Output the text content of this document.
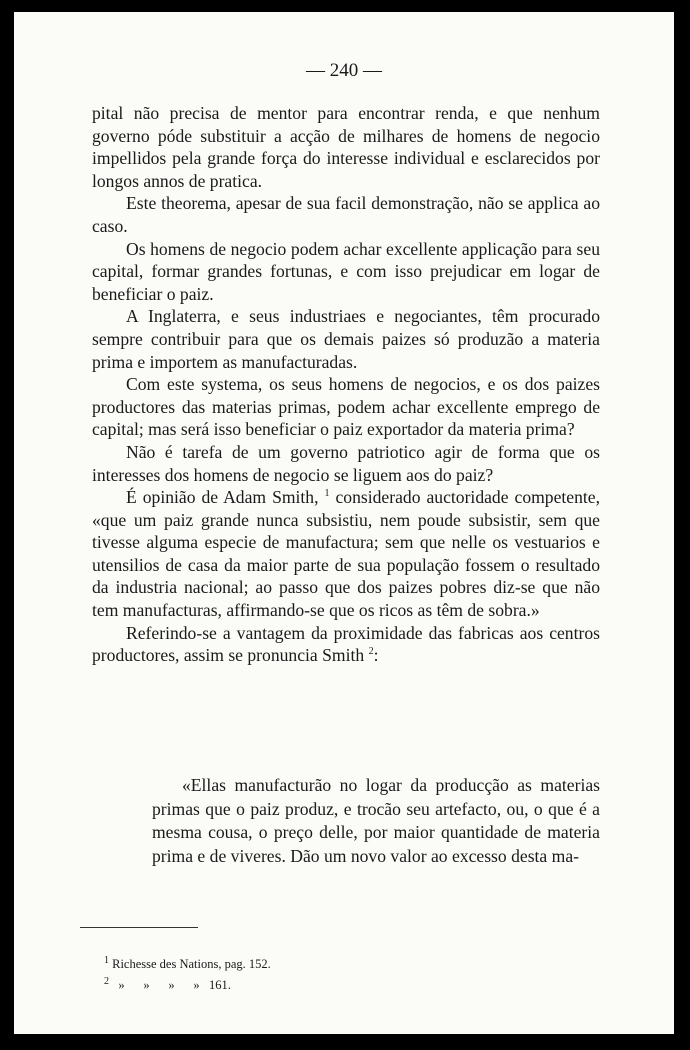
— 240 —

pital não precisa de mentor para encontrar renda, e que nenhum governo póde substituir a acção de milhares de homens de negocio impellidos pela grande força do interesse individual e esclarecidos por longos annos de pratica.

Este theorema, apesar de sua facil demonstração, não se applica ao caso.

Os homens de negocio podem achar excellente applicação para seu capital, formar grandes fortunas, e com isso prejudicar em logar de beneficiar o paiz.

A Inglaterra, e seus industriaes e negociantes, têm procurado sempre contribuir para que os demais paizes só produzão a materia prima e importem as manufacturadas.

Com este systema, os seus homens de negocios, e os dos paizes productores das materias primas, podem achar excellente emprego de capital; mas será isso beneficiar o paiz exportador da materia prima?

Não é tarefa de um governo patriotico agir de forma que os interesses dos homens de negocio se liguem aos do paiz?

É opinião de Adam Smith, $^1$ considerado auctoridade competente, «que um paiz grande nunca subsistiu, nem poude subsistir, sem que tivesse alguma especie de manufactura; sem que nelle os vestuarios e utensilios de casa da maior parte de sua população fossem o resultado da industria nacional; ao passo que dos paizes pobres diz-se que não tem manufacturas, affirmando-se que os ricos as têm de sobra.»

Referindo-se a vantagem da proximidade das fabricas aos centros productores, assim se pronuncia Smith $^2$:

«Ellas manufacturão no logar da producção as materias primas que o paiz produz, e trocão seu artefacto, ou, o que é a mesma cousa, o preço delle, por maior quantidade de materia prima e de viveres. Dão um novo valor ao excesso desta ma-

$^1$ Richesse des Nations, pag. 152.

$^2$ »      »      »      »   161.
